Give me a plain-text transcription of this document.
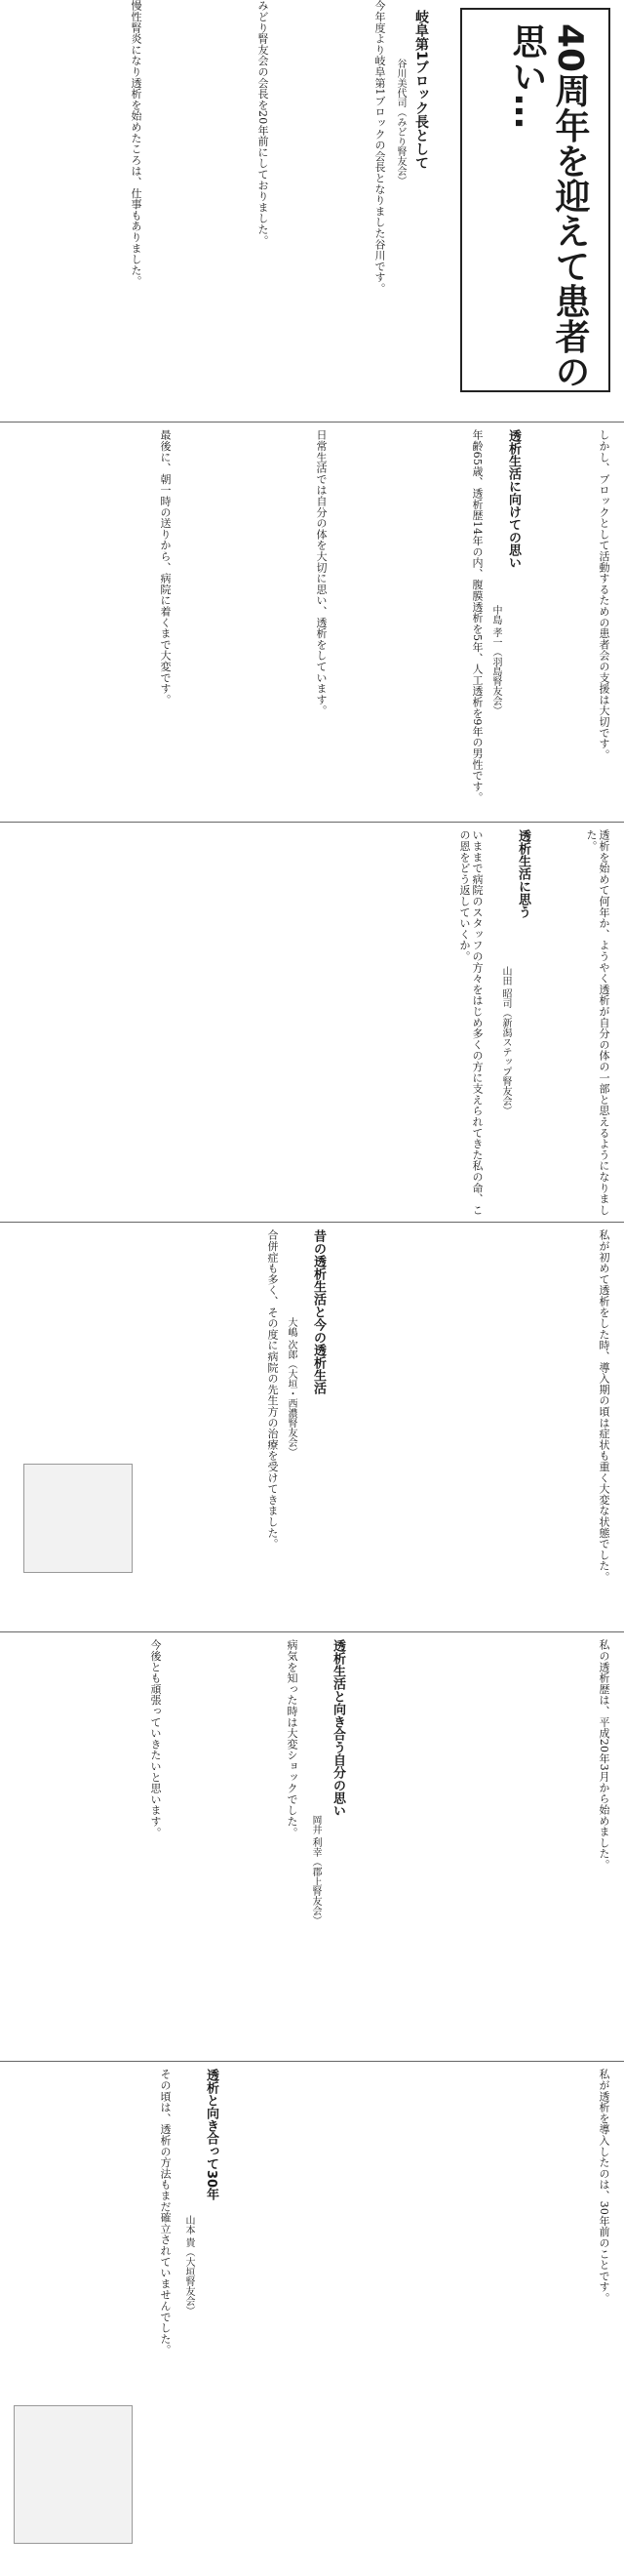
40周年を迎えて患者の思い…
岐阜第1ブロック長として
谷川美代司（みどり腎友会）
今年度より岐阜第1ブロックの会長となりました谷川です。
みどり腎友会の会長を20年前にしておりました。
慢性腎炎になり透析を始めたころは、仕事もありました。
しかし、ブロックとして活動するための患者会の支援は大切です。
透析生活に向けての思い
中島 孝一（羽島腎友会）
年齢65歳、透析歴14年の内、腹膜透析を5年、人工透析を9年の男性です。
日常生活では自分の体を大切に思い、透析をしています。
最後に、朝一時の送りから、病院に着くまで大変です。
透析生活に思う
山田 昭司（新潟ステップ腎友会）	透析を始めて何年か、ようやく透析が自分の体の一部と思えるようになりました。
いままで病院のスタッフの方々をはじめ多くの方に支えられてきた私の命、この恩をどう返していくか。
昔の透析生活と今の透析生活
大嶋 次郎（大垣・西濃腎友会）	私が初めて透析をした時、導入期の頃は症状も重く大変な状態でした。
合併症も多く、その度に病院の先生方の治療を受けてきました。
透析生活と向き合う自分の思い
岡井 利幸（郡上腎友会）	私の透析歴は、平成20年3月から始めました。
病気を知った時は大変ショックでした。
今後とも頑張っていきたいと思います。
透析と向き合って30年
山本 貴（大垣腎友会）	私が透析を導入したのは、30年前のことです。
その頃は、透析の方法もまだ確立されていませんでした。
